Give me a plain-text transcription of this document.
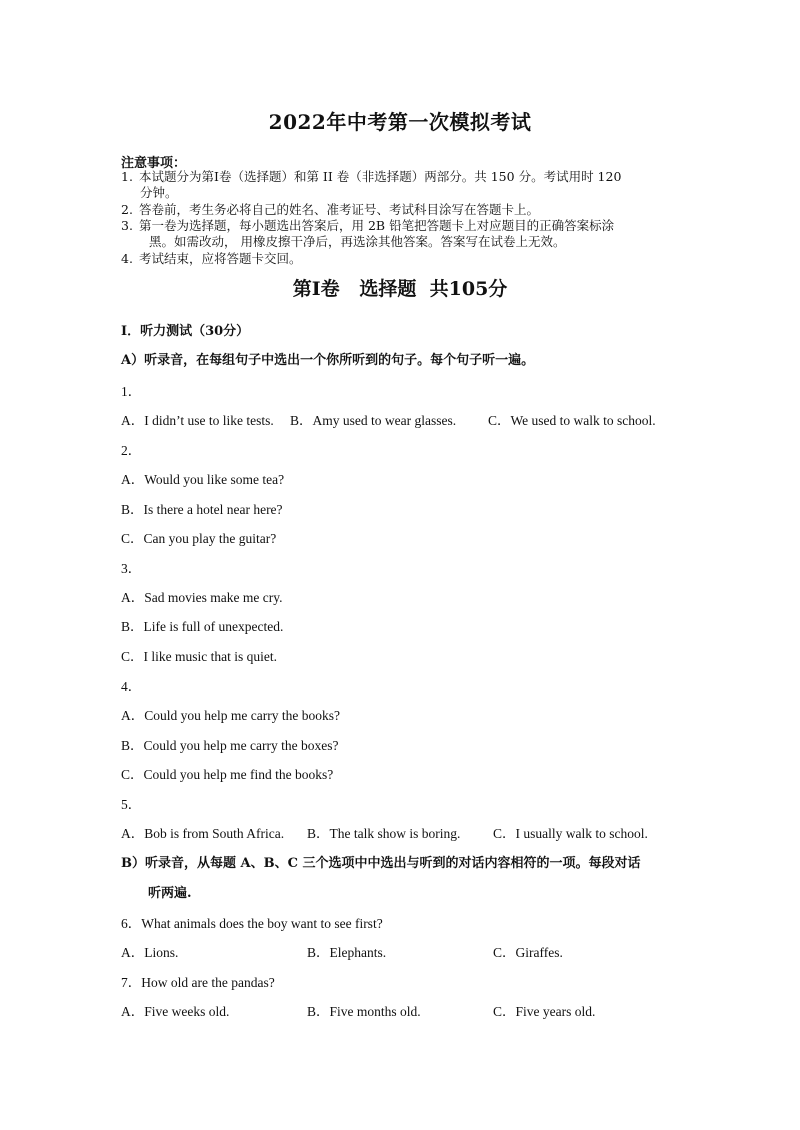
2022年中考第一次模拟考试
注意事项：
1. 本试题分为第Ⅰ卷（选择题）和第 II 卷（非选择题）两部分。共 150 分。考试用时 120
分钟。
2. 答卷前，考生务必将自己的姓名、准考证号、考试科目涂写在答题卡上。
3. 第一卷为选择题，每小题选出答案后，用 2B 铅笔把答题卡上对应题目的正确答案标涂
黑。如需改动， 用橡皮擦干净后，再选涂其他答案。答案写在试卷上无效。
4. 考试结束，应将答题卡交回。
第Ⅰ卷   选择题  共105分
Ⅰ．听力测试（30分）
A）听录音，在每组句子中选出一个你所听到的句子。每个句子听一遍。
1．
A．I didn’t use to like tests. B．Amy used to wear glasses. C．We used to walk to school.
2．
A．Would you like some tea?
B．Is there a hotel near here?
C．Can you play the guitar?
3．
A．Sad movies make me cry.
B．Life is full of unexpected.
C．I like music that is quiet.
4．
A．Could you help me carry the books?
B．Could you help me carry the boxes?
C．Could you help me find the books?
5．
A．Bob is from South Africa. B．The talk show is boring. C．I usually walk to school.
B）听录音，从每题 A、B、C 三个选项中中选出与听到的对话内容相符的一项。每段对话
听两遍.
6．What animals does the boy want to see first?
A．Lions.	B．Elephants.	C．Giraffes.
7．How old are the pandas?
A．Five weeks old.	B．Five months old.	C．Five years old.
